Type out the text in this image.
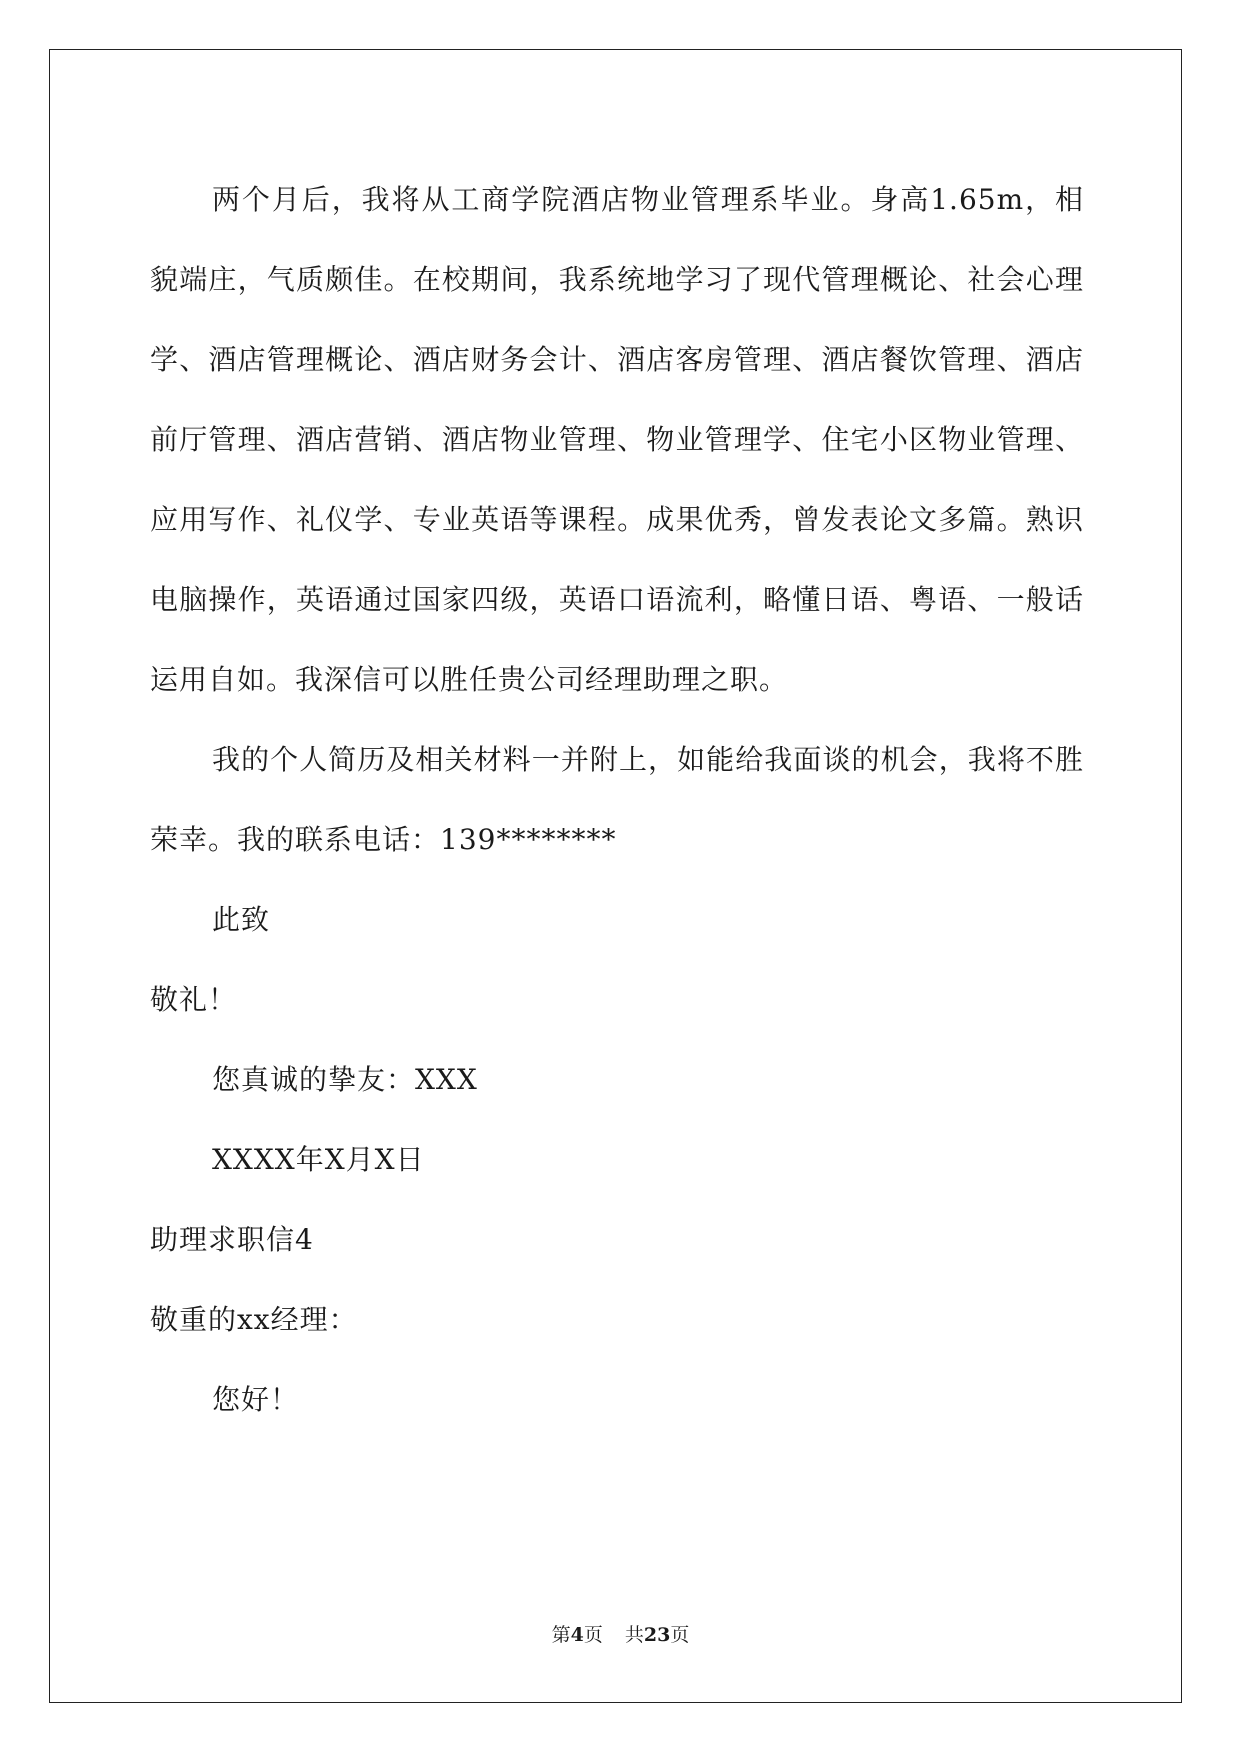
两个月后，我将从工商学院酒店物业管理系毕业。身高1.65m，相貌端庄，气质颇佳。在校期间，我系统地学习了现代管理概论、社会心理学、酒店管理概论、酒店财务会计、酒店客房管理、酒店餐饮管理、酒店前厅管理、酒店营销、酒店物业管理、物业管理学、住宅小区物业管理、应用写作、礼仪学、专业英语等课程。成果优秀，曾发表论文多篇。熟识电脑操作，英语通过国家四级，英语口语流利，略懂日语、粤语、一般话运用自如。我深信可以胜任贵公司经理助理之职。

我的个人简历及相关材料一并附上，如能给我面谈的机会，我将不胜荣幸。我的联系电话：139********

此致

敬礼！

您真诚的挚友：XXX

XXXX年X月X日

助理求职信4

敬重的xx经理：

您好！

第4页 共23页
